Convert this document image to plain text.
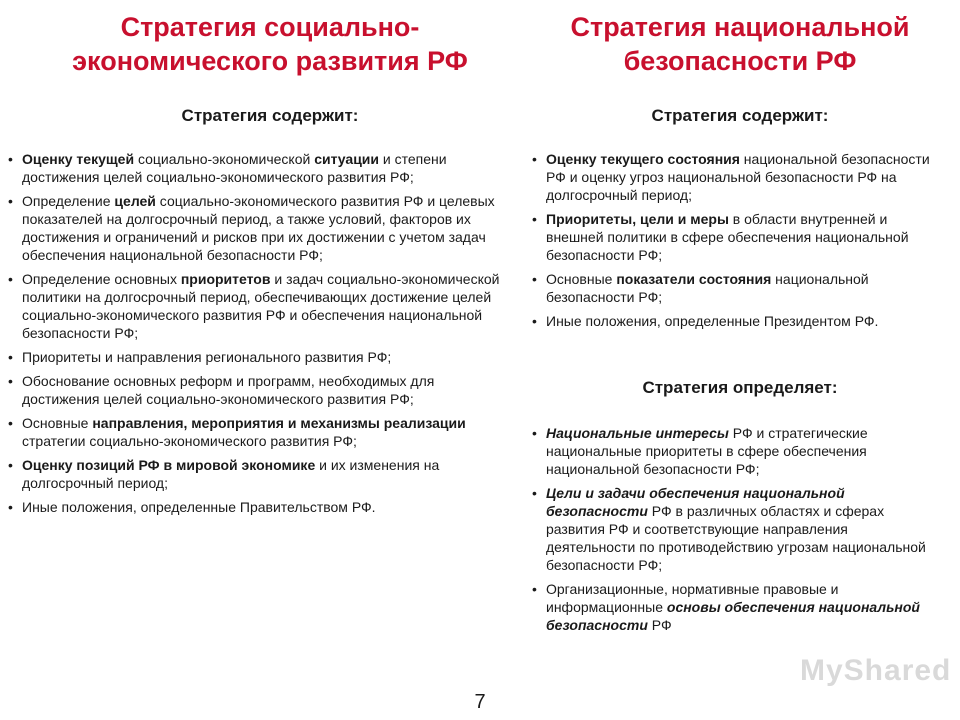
Стратегия социально-экономического развития РФ
Стратегия содержит:
• Оценку текущей социально-экономической ситуации и степени достижения целей социально-экономического развития РФ;
• Определение целей социально-экономического развития РФ и целевых показателей на долгосрочный период, а также условий, факторов их достижения и ограничений и рисков при их достижении с учетом задач обеспечения национальной безопасности РФ;
• Определение основных приоритетов и задач социально-экономической политики на долгосрочный период, обеспечивающих достижение целей социально-экономического развития РФ и обеспечения национальной безопасности РФ;
• Приоритеты и направления регионального развития РФ;
• Обоснование основных реформ и программ, необходимых для достижения целей социально-экономического развития РФ;
• Основные направления, мероприятия и механизмы реализации стратегии социально-экономического развития РФ;
• Оценку позиций РФ в мировой экономике и их изменения на долгосрочный период;
• Иные положения, определенные Правительством РФ.
Стратегия национальной безопасности РФ
Стратегия содержит:
• Оценку текущего состояния национальной безопасности РФ и оценку угроз национальной безопасности РФ на долгосрочный период;
• Приоритеты, цели и меры в области внутренней и внешней политики в сфере обеспечения национальной безопасности РФ;
• Основные показатели состояния национальной безопасности РФ;
• Иные положения, определенные Президентом РФ.
Стратегия определяет:
• Национальные интересы РФ и стратегические национальные приоритеты в сфере обеспечения национальной безопасности РФ;
• Цели и задачи обеспечения национальной безопасности РФ в различных областях и сферах развития РФ и соответствующие направления деятельности по противодействию угрозам национальной безопасности РФ;
• Организационные, нормативные правовые и информационные основы обеспечения национальной безопасности РФ
7
MyShared
